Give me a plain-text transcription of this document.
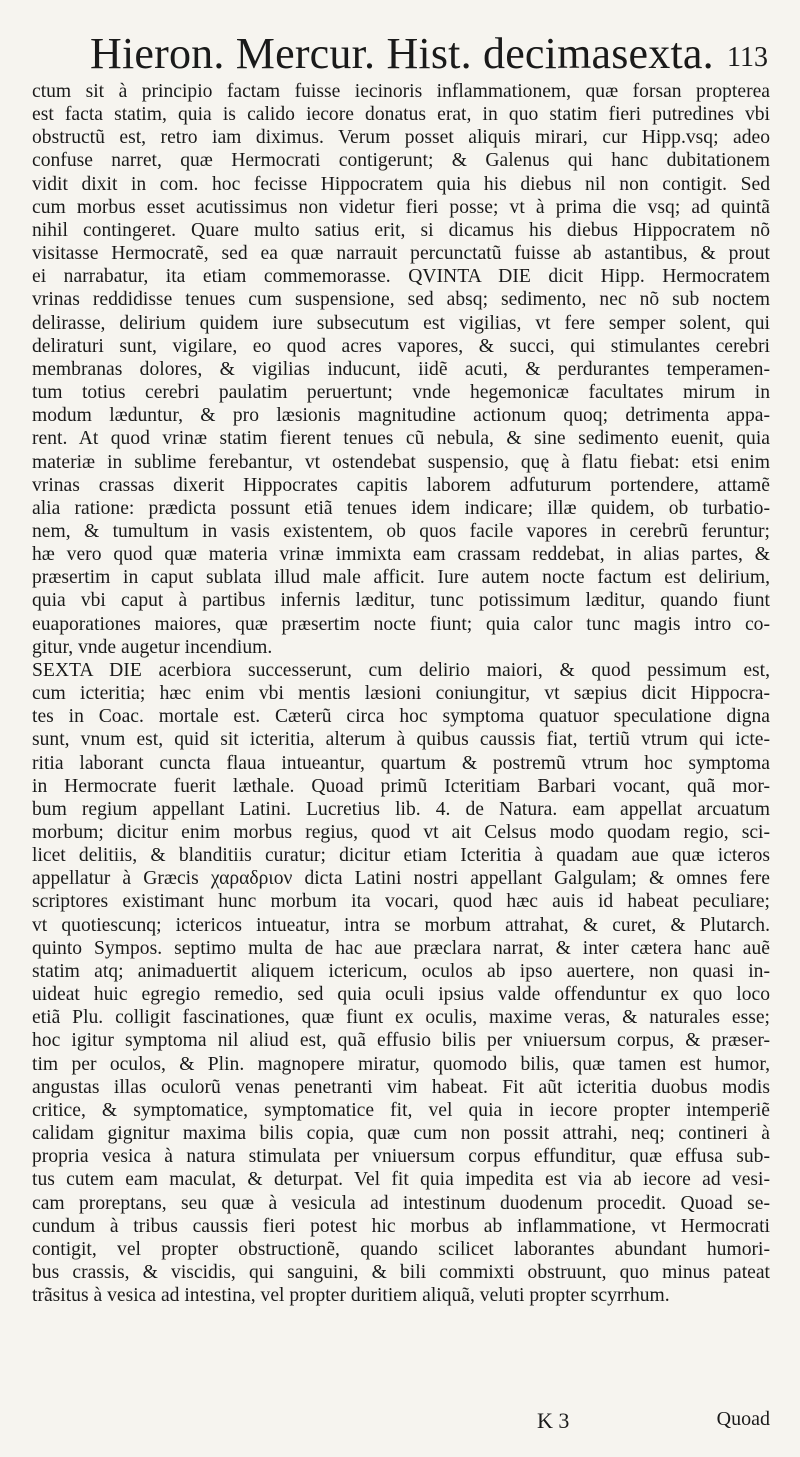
Hieron. Mercur. Hist. decimasexta. 113
ctum sit à principio factam fuisse iecinoris inflammationem, quæ forsan propterea
est facta statim, quia is calido iecore donatus erat, in quo statim fieri putredines vbi
obstructũ est, retro iam diximus. Verum posset aliquis mirari, cur Hipp.vsq; adeo
confuse narret, quæ Hermocrati contigerunt; & Galenus qui hanc dubitationem
vidit dixit in com. hoc fecisse Hippocratem quia his diebus nil non contigit. Sed
cum morbus esset acutissimus non videtur fieri posse; vt à prima die vsq; ad quintã
nihil contingeret. Quare multo satius erit, si dicamus his diebus Hippocratem nõ
visitasse Hermocratẽ, sed ea quæ narrauit percunctatũ fuisse ab astantibus, & prout
ei narrabatur, ita etiam commemorasse. QVINTA DIE dicit Hipp. Hermocratem
vrinas reddidisse tenues cum suspensione, sed absq; sedimento, nec nõ sub noctem
delirasse, delirium quidem iure subsecutum est vigilias, vt fere semper solent, qui
deliraturi sunt, vigilare, eo quod acres vapores, & succi, qui stimulantes cerebri
membranas dolores, & vigilias inducunt, iidẽ acuti, & perdurantes temperamen-
tum totius cerebri paulatim peruertunt; vnde hegemonicæ facultates mirum in
modum læduntur, & pro læsionis magnitudine actionum quoq; detrimenta appa-
rent. At quod vrinæ statim fierent tenues cũ nebula, & sine sedimento euenit, quia
materiæ in sublime ferebantur, vt ostendebat suspensio, quę à flatu fiebat: etsi enim
vrinas crassas dixerit Hippocrates capitis laborem adfuturum portendere, attamẽ
alia ratione: prædicta possunt etiã tenues idem indicare; illæ quidem, ob turbatio-
nem, & tumultum in vasis existentem, ob quos facile vapores in cerebrũ feruntur;
hæ vero quod quæ materia vrinæ immixta eam crassam reddebat, in alias partes, &
præsertim in caput sublata illud male afficit. Iure autem nocte factum est delirium,
quia vbi caput à partibus infernis læditur, tunc potissimum læditur, quando fiunt
euaporationes maiores, quæ præsertim nocte fiunt; quia calor tunc magis intro co-
gitur, vnde augetur incendium.
SEXTA DIE acerbiora successerunt, cum delirio maiori, & quod pessimum est,
cum icteritia; hæc enim vbi mentis læsioni coniungitur, vt sæpius dicit Hippocra-
tes in Coac. mortale est. Cæterũ circa hoc symptoma quatuor speculatione digna
sunt, vnum est, quid sit icteritia, alterum à quibus caussis fiat, tertiũ vtrum qui icte-
ritia laborant cuncta flaua intueantur, quartum & postremũ vtrum hoc symptoma
in Hermocrate fuerit læthale. Quoad primũ Icteritiam Barbari vocant, quã mor-
bum regium appellant Latini. Lucretius lib. 4. de Natura. eam appellat arcuatum
morbum; dicitur enim morbus regius, quod vt ait Celsus modo quodam regio, sci-
licet delitiis, & blanditiis curatur; dicitur etiam Icteritia à quadam aue quæ icteros
appellatur à Græcis χαραδριον dicta Latini nostri appellant Galgulam; & omnes fere
scriptores existimant hunc morbum ita vocari, quod hæc auis id habeat peculiare;
vt quotiescunq; ictericos intueatur, intra se morbum attrahat, & curet, & Plutarch.
quinto Sympos. septimo multa de hac aue præclara narrat, & inter cætera hanc auẽ
statim atq; animaduertit aliquem ictericum, oculos ab ipso auertere, non quasi in-
uideat huic egregio remedio, sed quia oculi ipsius valde offenduntur ex quo loco
etiã Plu. colligit fascinationes, quæ fiunt ex oculis, maxime veras, & naturales esse;
hoc igitur symptoma nil aliud est, quã effusio bilis per vniuersum corpus, & præser-
tim per oculos, & Plin. magnopere miratur, quomodo bilis, quæ tamen est humor,
angustas illas oculorũ venas penetranti vim habeat. Fit aũt icteritia duobus modis
critice, & symptomatice, symptomatice fit, vel quia in iecore propter intemperiẽ
calidam gignitur maxima bilis copia, quæ cum non possit attrahi, neq; contineri à
propria vesica à natura stimulata per vniuersum corpus effunditur, quæ effusa sub-
tus cutem eam maculat, & deturpat. Vel fit quia impedita est via ab iecore ad vesi-
cam proreptans, seu quæ à vesicula ad intestinum duodenum procedit. Quoad se-
cundum à tribus caussis fieri potest hic morbus ab inflammatione, vt Hermocrati
contigit, vel propter obstructionẽ, quando scilicet laborantes abundant humori-
bus crassis, & viscidis, qui sanguini, & bili commixti obstruunt, quo minus pateat
trãsitus à vesica ad intestina, vel propter duritiem aliquã, veluti propter scyrrhum.
K 3	Quoad
